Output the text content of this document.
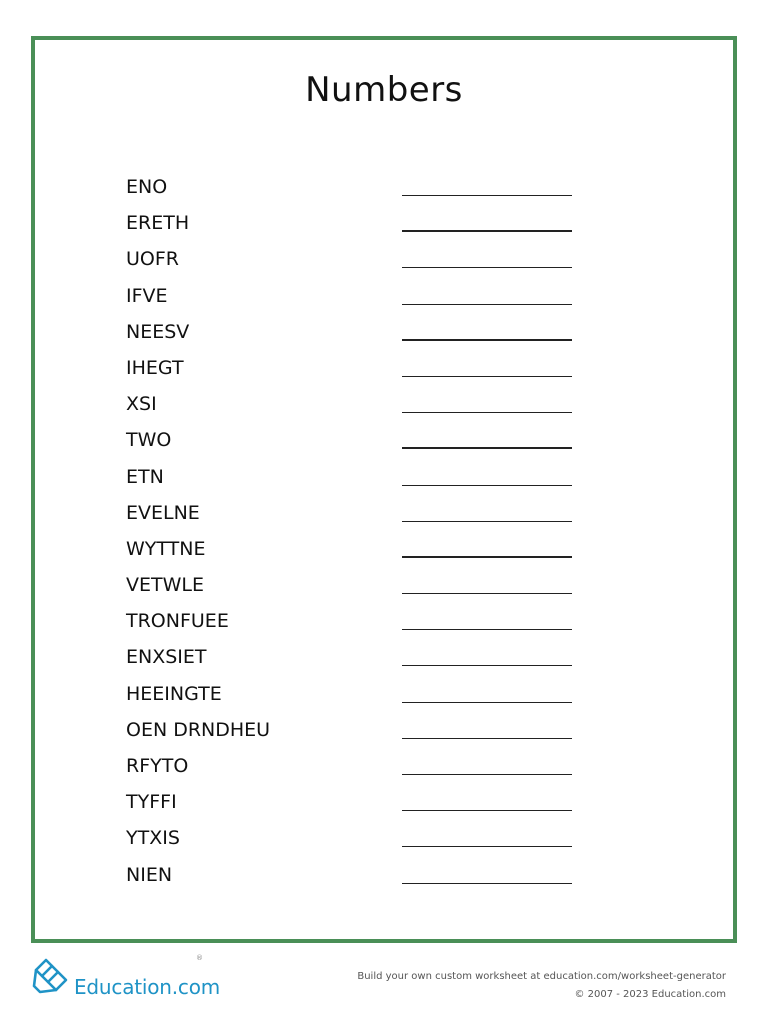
Numbers
ENO
ERETH
UOFR
IFVE
NEESV
IHEGT
XSI
TWO
ETN
EVELNE
WYTTNE
VETWLE
TRONFUEE
ENXSIET
HEEINGTE
OEN DRNDHEU
RFYTO
TYFFI
YTXIS
NIEN
Education.com
®
Build your own custom worksheet at education.com/worksheet-generator
© 2007 - 2023 Education.com
